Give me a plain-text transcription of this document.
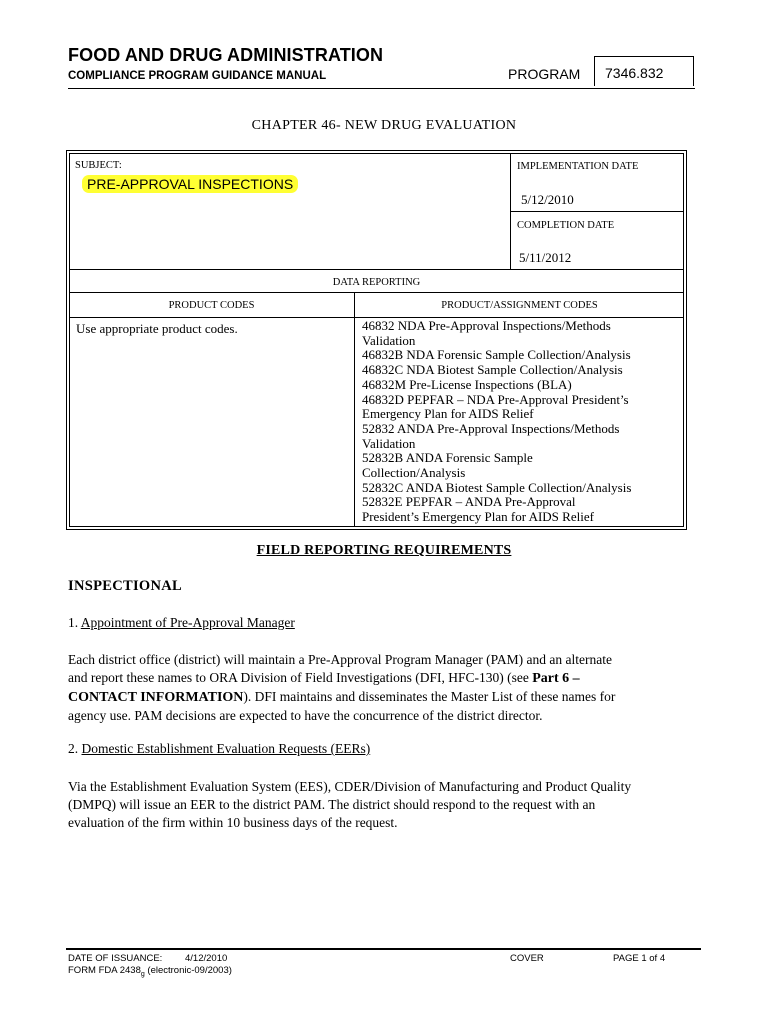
FOOD AND DRUG ADMINISTRATION
COMPLIANCE PROGRAM GUIDANCE MANUAL	PROGRAM 7346.832
CHAPTER 46- NEW DRUG EVALUATION
SUBJECT:
PRE-APPROVAL INSPECTIONS
IMPLEMENTATION DATE
5/12/2010
COMPLETION DATE
5/11/2012
DATA REPORTING
PRODUCT CODES	PRODUCT/ASSIGNMENT CODES
Use appropriate product codes.	46832 NDA Pre-Approval Inspections/Methods
Validation
46832B NDA Forensic Sample Collection/Analysis
46832C NDA Biotest Sample Collection/Analysis
46832M Pre-License Inspections (BLA)
46832D PEPFAR – NDA Pre-Approval President’s
Emergency Plan for AIDS Relief
52832 ANDA Pre-Approval Inspections/Methods
Validation
52832B ANDA Forensic Sample
Collection/Analysis
52832C ANDA Biotest Sample Collection/Analysis
52832E PEPFAR – ANDA Pre-Approval
President’s Emergency Plan for AIDS Relief
FIELD REPORTING REQUIREMENTS
INSPECTIONAL
1. Appointment of Pre-Approval Manager
Each district office (district) will maintain a Pre-Approval Program Manager (PAM) and an alternate
and report these names to ORA Division of Field Investigations (DFI, HFC-130) (see Part 6 –
CONTACT INFORMATION). DFI maintains and disseminates the Master List of these names for
agency use. PAM decisions are expected to have the concurrence of the district director.
2. Domestic Establishment Evaluation Requests (EERs)
Via the Establishment Evaluation System (EES), CDER/Division of Manufacturing and Product Quality
(DMPQ) will issue an EER to the district PAM. The district should respond to the request with an
evaluation of the firm within 10 business days of the request.
DATE OF ISSUANCE: 4/12/2010	COVER	PAGE 1 of 4
FORM FDA $2438_g$ (electronic-09/2003)
